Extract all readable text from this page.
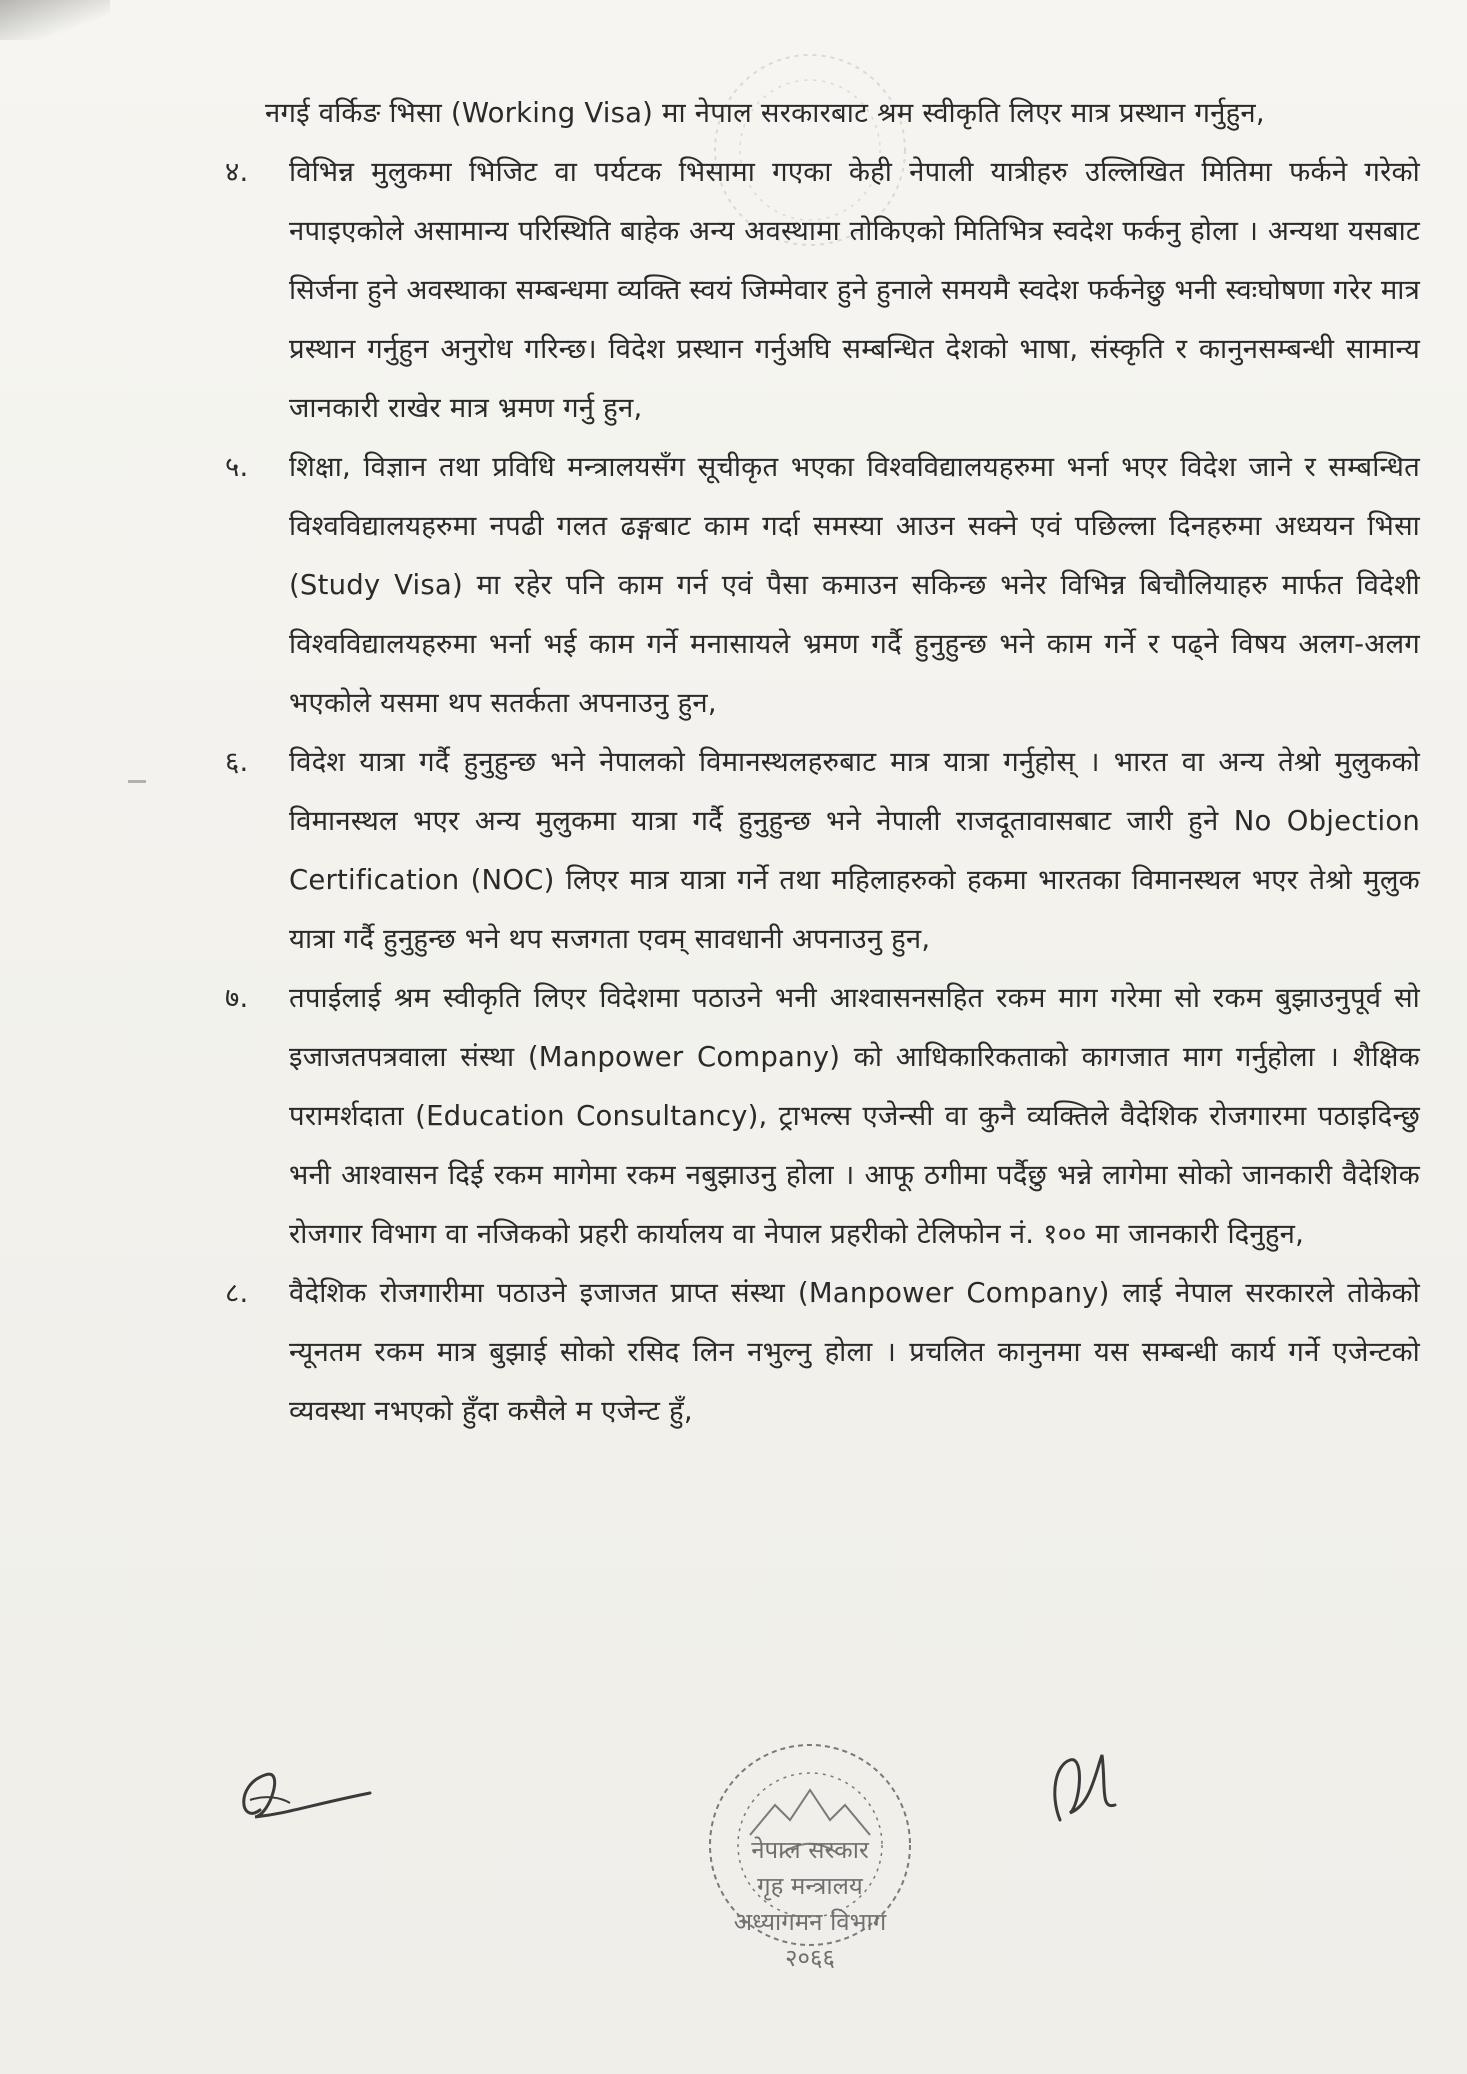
नगई वर्किङ भिसा (Working Visa) मा नेपाल सरकारबाट श्रम स्वीकृति लिएर मात्र प्रस्थान गर्नुहुन,

४. विभिन्न मुलुकमा भिजिट वा पर्यटक भिसामा गएका केही नेपाली यात्रीहरु उल्लिखित मितिमा फर्कने गरेको नपाइएकोले असामान्य परिस्थिति बाहेक अन्य अवस्थामा तोकिएको मितिभित्र स्वदेश फर्कनु होला । अन्यथा यसबाट सिर्जना हुने अवस्थाका सम्बन्धमा व्यक्ति स्वयं जिम्मेवार हुने हुनाले समयमै स्वदेश फर्कनेछु भनी स्वःघोषणा गरेर मात्र प्रस्थान गर्नुहुन अनुरोध गरिन्छ। विदेश प्रस्थान गर्नुअघि सम्बन्धित देशको भाषा, संस्कृति र कानुनसम्बन्धी सामान्य जानकारी राखेर मात्र भ्रमण गर्नु हुन,

५. शिक्षा, विज्ञान तथा प्रविधि मन्त्रालयसँग सूचीकृत भएका विश्वविद्यालयहरुमा भर्ना भएर विदेश जाने र सम्बन्धित विश्वविद्यालयहरुमा नपढी गलत ढङ्गबाट काम गर्दा समस्या आउन सक्ने एवं पछिल्ला दिनहरुमा अध्ययन भिसा (Study Visa) मा रहेर पनि काम गर्न एवं पैसा कमाउन सकिन्छ भनेर विभिन्न बिचौलियाहरु मार्फत विदेशी विश्वविद्यालयहरुमा भर्ना भई काम गर्ने मनासायले भ्रमण गर्दै हुनुहुन्छ भने काम गर्ने र पढ्ने विषय अलग-अलग भएकोले यसमा थप सतर्कता अपनाउनु हुन,

६. विदेश यात्रा गर्दै हुनुहुन्छ भने नेपालको विमानस्थलहरुबाट मात्र यात्रा गर्नुहोस् । भारत वा अन्य तेश्रो मुलुकको विमानस्थल भएर अन्य मुलुकमा यात्रा गर्दै हुनुहुन्छ भने नेपाली राजदूतावासबाट जारी हुने No Objection Certification (NOC) लिएर मात्र यात्रा गर्ने तथा महिलाहरुको हकमा भारतका विमानस्थल भएर तेश्रो मुलुक यात्रा गर्दै हुनुहुन्छ भने थप सजगता एवम् सावधानी अपनाउनु हुन,

७. तपाईलाई श्रम स्वीकृति लिएर विदेशमा पठाउने भनी आश्वासनसहित रकम माग गरेमा सो रकम बुझाउनुपूर्व सो इजाजतपत्रवाला संस्था (Manpower Company) को आधिकारिकताको कागजात माग गर्नुहोला । शैक्षिक परामर्शदाता (Education Consultancy), ट्राभल्स एजेन्सी वा कुनै व्यक्तिले वैदेशिक रोजगारमा पठाइदिन्छु भनी आश्वासन दिई रकम मागेमा रकम नबुझाउनु होला । आफू ठगीमा पर्दैछु भन्ने लागेमा सोको जानकारी वैदेशिक रोजगार विभाग वा नजिकको प्रहरी कार्यालय वा नेपाल प्रहरीको टेलिफोन नं. १०० मा जानकारी दिनुहुन,

८. वैदेशिक रोजगारीमा पठाउने इजाजत प्राप्त संस्था (Manpower Company) लाई नेपाल सरकारले तोकेको न्यूनतम रकम मात्र बुझाई सोको रसिद लिन नभुल्नु होला । प्रचलित कानुनमा यस सम्बन्धी कार्य गर्ने एजेन्टको व्यवस्था नभएको हुँदा कसैले म एजेन्ट हुँ,

नेपाल सरकार
गृह मन्त्रालय
अध्यागमन विभाग
२०६६
